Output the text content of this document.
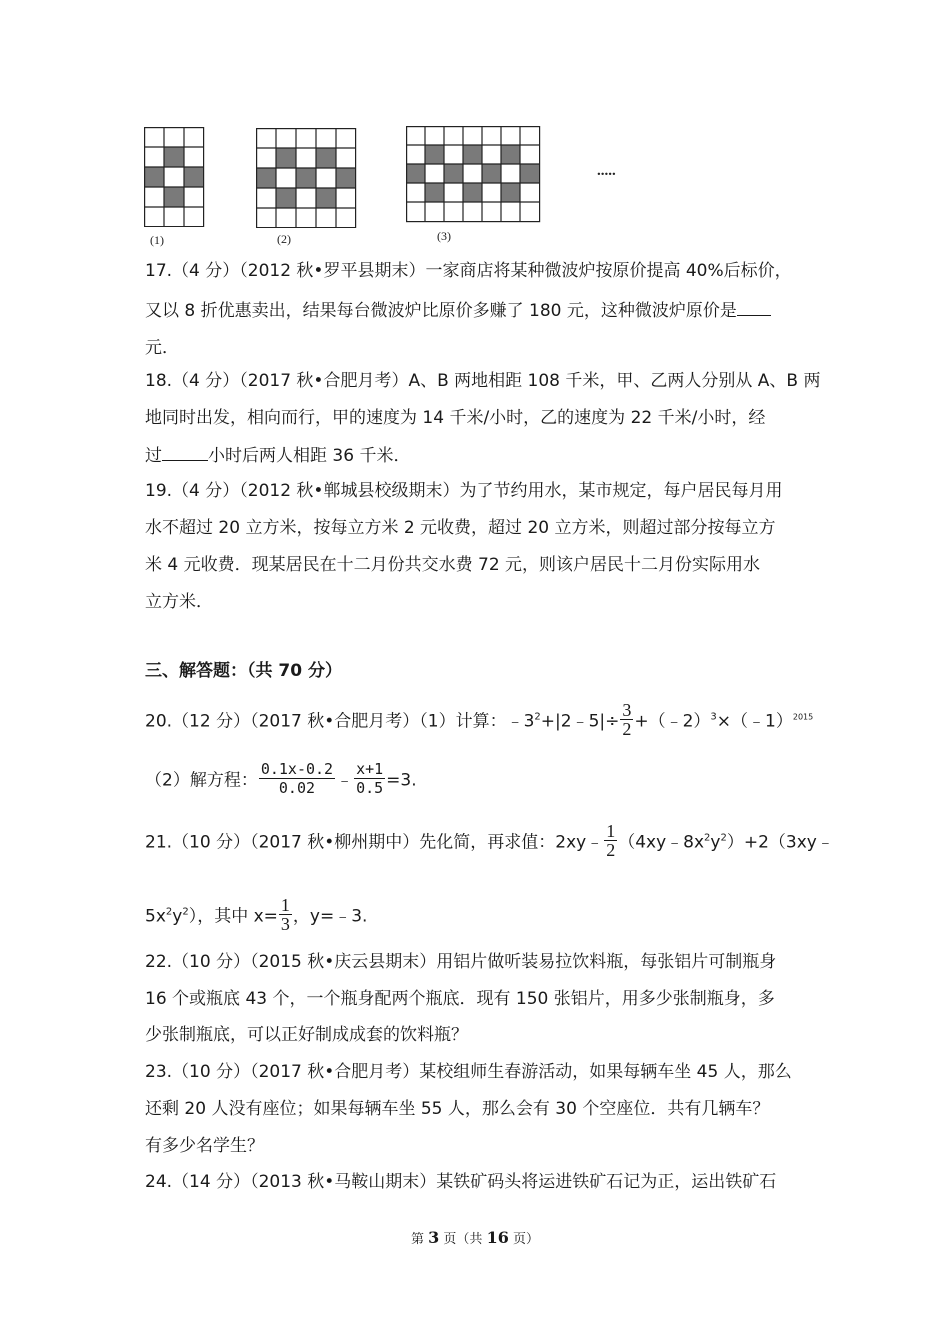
(1)	(2)	(3)
.....
17.（4 分）（2012 秋•罗平县期末）一家商店将某种微波炉按原价提高 40%后标价，
又以 8 折优惠卖出，结果每台微波炉比原价多赚了 180 元，这种微波炉原价是
元．
18.（4 分）（2017 秋•合肥月考）A、B 两地相距 108 千米，甲、乙两人分别从 A、B 两
地同时出发，相向而行，甲的速度为 14 千米/小时，乙的速度为 22 千米/小时，经
过	小时后两人相距 36 千米．
19.（4 分）（2012 秋•郸城县校级期末）为了节约用水，某市规定，每户居民每月用
水不超过 20 立方米，按每立方米 2 元收费，超过 20 立方米，则超过部分按每立方
米 4 元收费．现某居民在十二月份共交水费 72 元，则该户居民十二月份实际用水
立方米．
三、解答题：（共 70 分）
20.（12 分）（2017 秋•合肥月考）（1）计算：$﹣3^2+|2﹣5|\div \frac{3}{2}$ +（﹣2）$^3$×（﹣1）$^{2015}$
（2）解方程： $\frac{0.1x-0.2}{0.02}$ ﹣ $\frac{x+1}{0.5} =3$.
21.（10 分）（2017 秋•柳州期中）先化简，再求值：2xy﹣ $\frac{1}{2}$ $(4xy﹣8x^2y^2)+2(3xy﹣$
$5x^2y^2$），其中 $x= \frac{1}{3}$ ，y=﹣3.
22.（10 分）（2015 秋•庆云县期末）用铝片做听装易拉饮料瓶，每张铝片可制瓶身
16 个或瓶底 43 个，一个瓶身配两个瓶底．现有 150 张铝片，用多少张制瓶身，多
少张制瓶底，可以正好制成成套的饮料瓶？
23.（10 分）（2017 秋•合肥月考）某校组师生春游活动，如果每辆车坐 45 人，那么
还剩 20 人没有座位；如果每辆车坐 55 人，那么会有 30 个空座位．共有几辆车？
有多少名学生？
24.（14 分）（2013 秋•马鞍山期末）某铁矿码头将运进铁矿石记为正，运出铁矿石
第 3 页（共 16 页）
